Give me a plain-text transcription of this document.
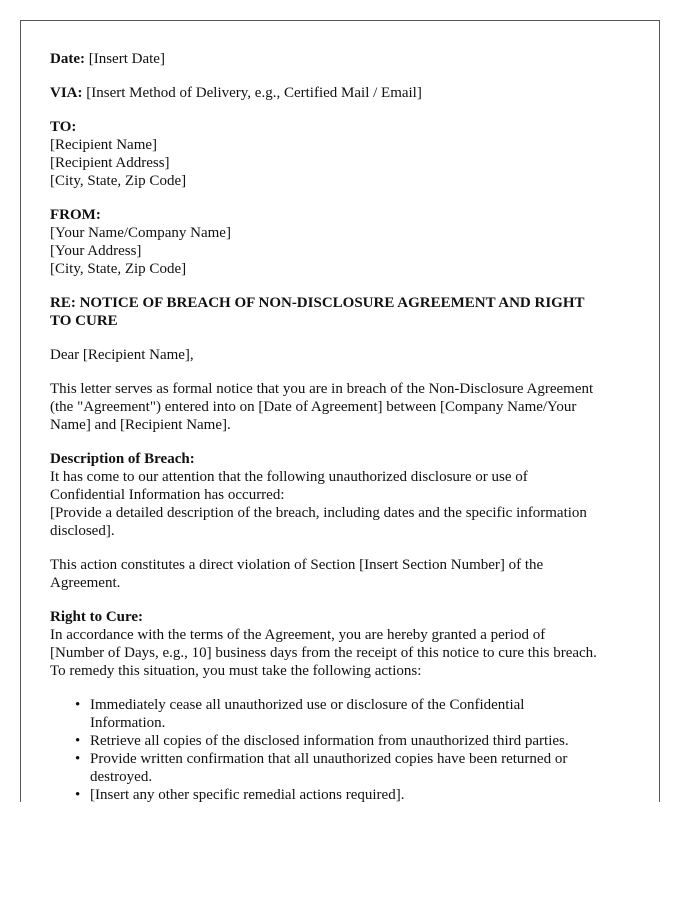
Date: [Insert Date]
VIA: [Insert Method of Delivery, e.g., Certified Mail / Email]
TO:
[Recipient Name]
[Recipient Address]
[City, State, Zip Code]
FROM:
[Your Name/Company Name]
[Your Address]
[City, State, Zip Code]
RE: NOTICE OF BREACH OF NON-DISCLOSURE AGREEMENT AND RIGHT
TO CURE
Dear [Recipient Name],
This letter serves as formal notice that you are in breach of the Non-Disclosure Agreement
(the "Agreement") entered into on [Date of Agreement] between [Company Name/Your
Name] and [Recipient Name].
Description of Breach:
It has come to our attention that the following unauthorized disclosure or use of
Confidential Information has occurred:
[Provide a detailed description of the breach, including dates and the specific information
disclosed].
This action constitutes a direct violation of Section [Insert Section Number] of the
Agreement.
Right to Cure:
In accordance with the terms of the Agreement, you are hereby granted a period of
[Number of Days, e.g., 10] business days from the receipt of this notice to cure this breach.
To remedy this situation, you must take the following actions:
• Immediately cease all unauthorized use or disclosure of the Confidential
Information.
• Retrieve all copies of the disclosed information from unauthorized third parties.
• Provide written confirmation that all unauthorized copies have been returned or
destroyed.
• [Insert any other specific remedial actions required].
